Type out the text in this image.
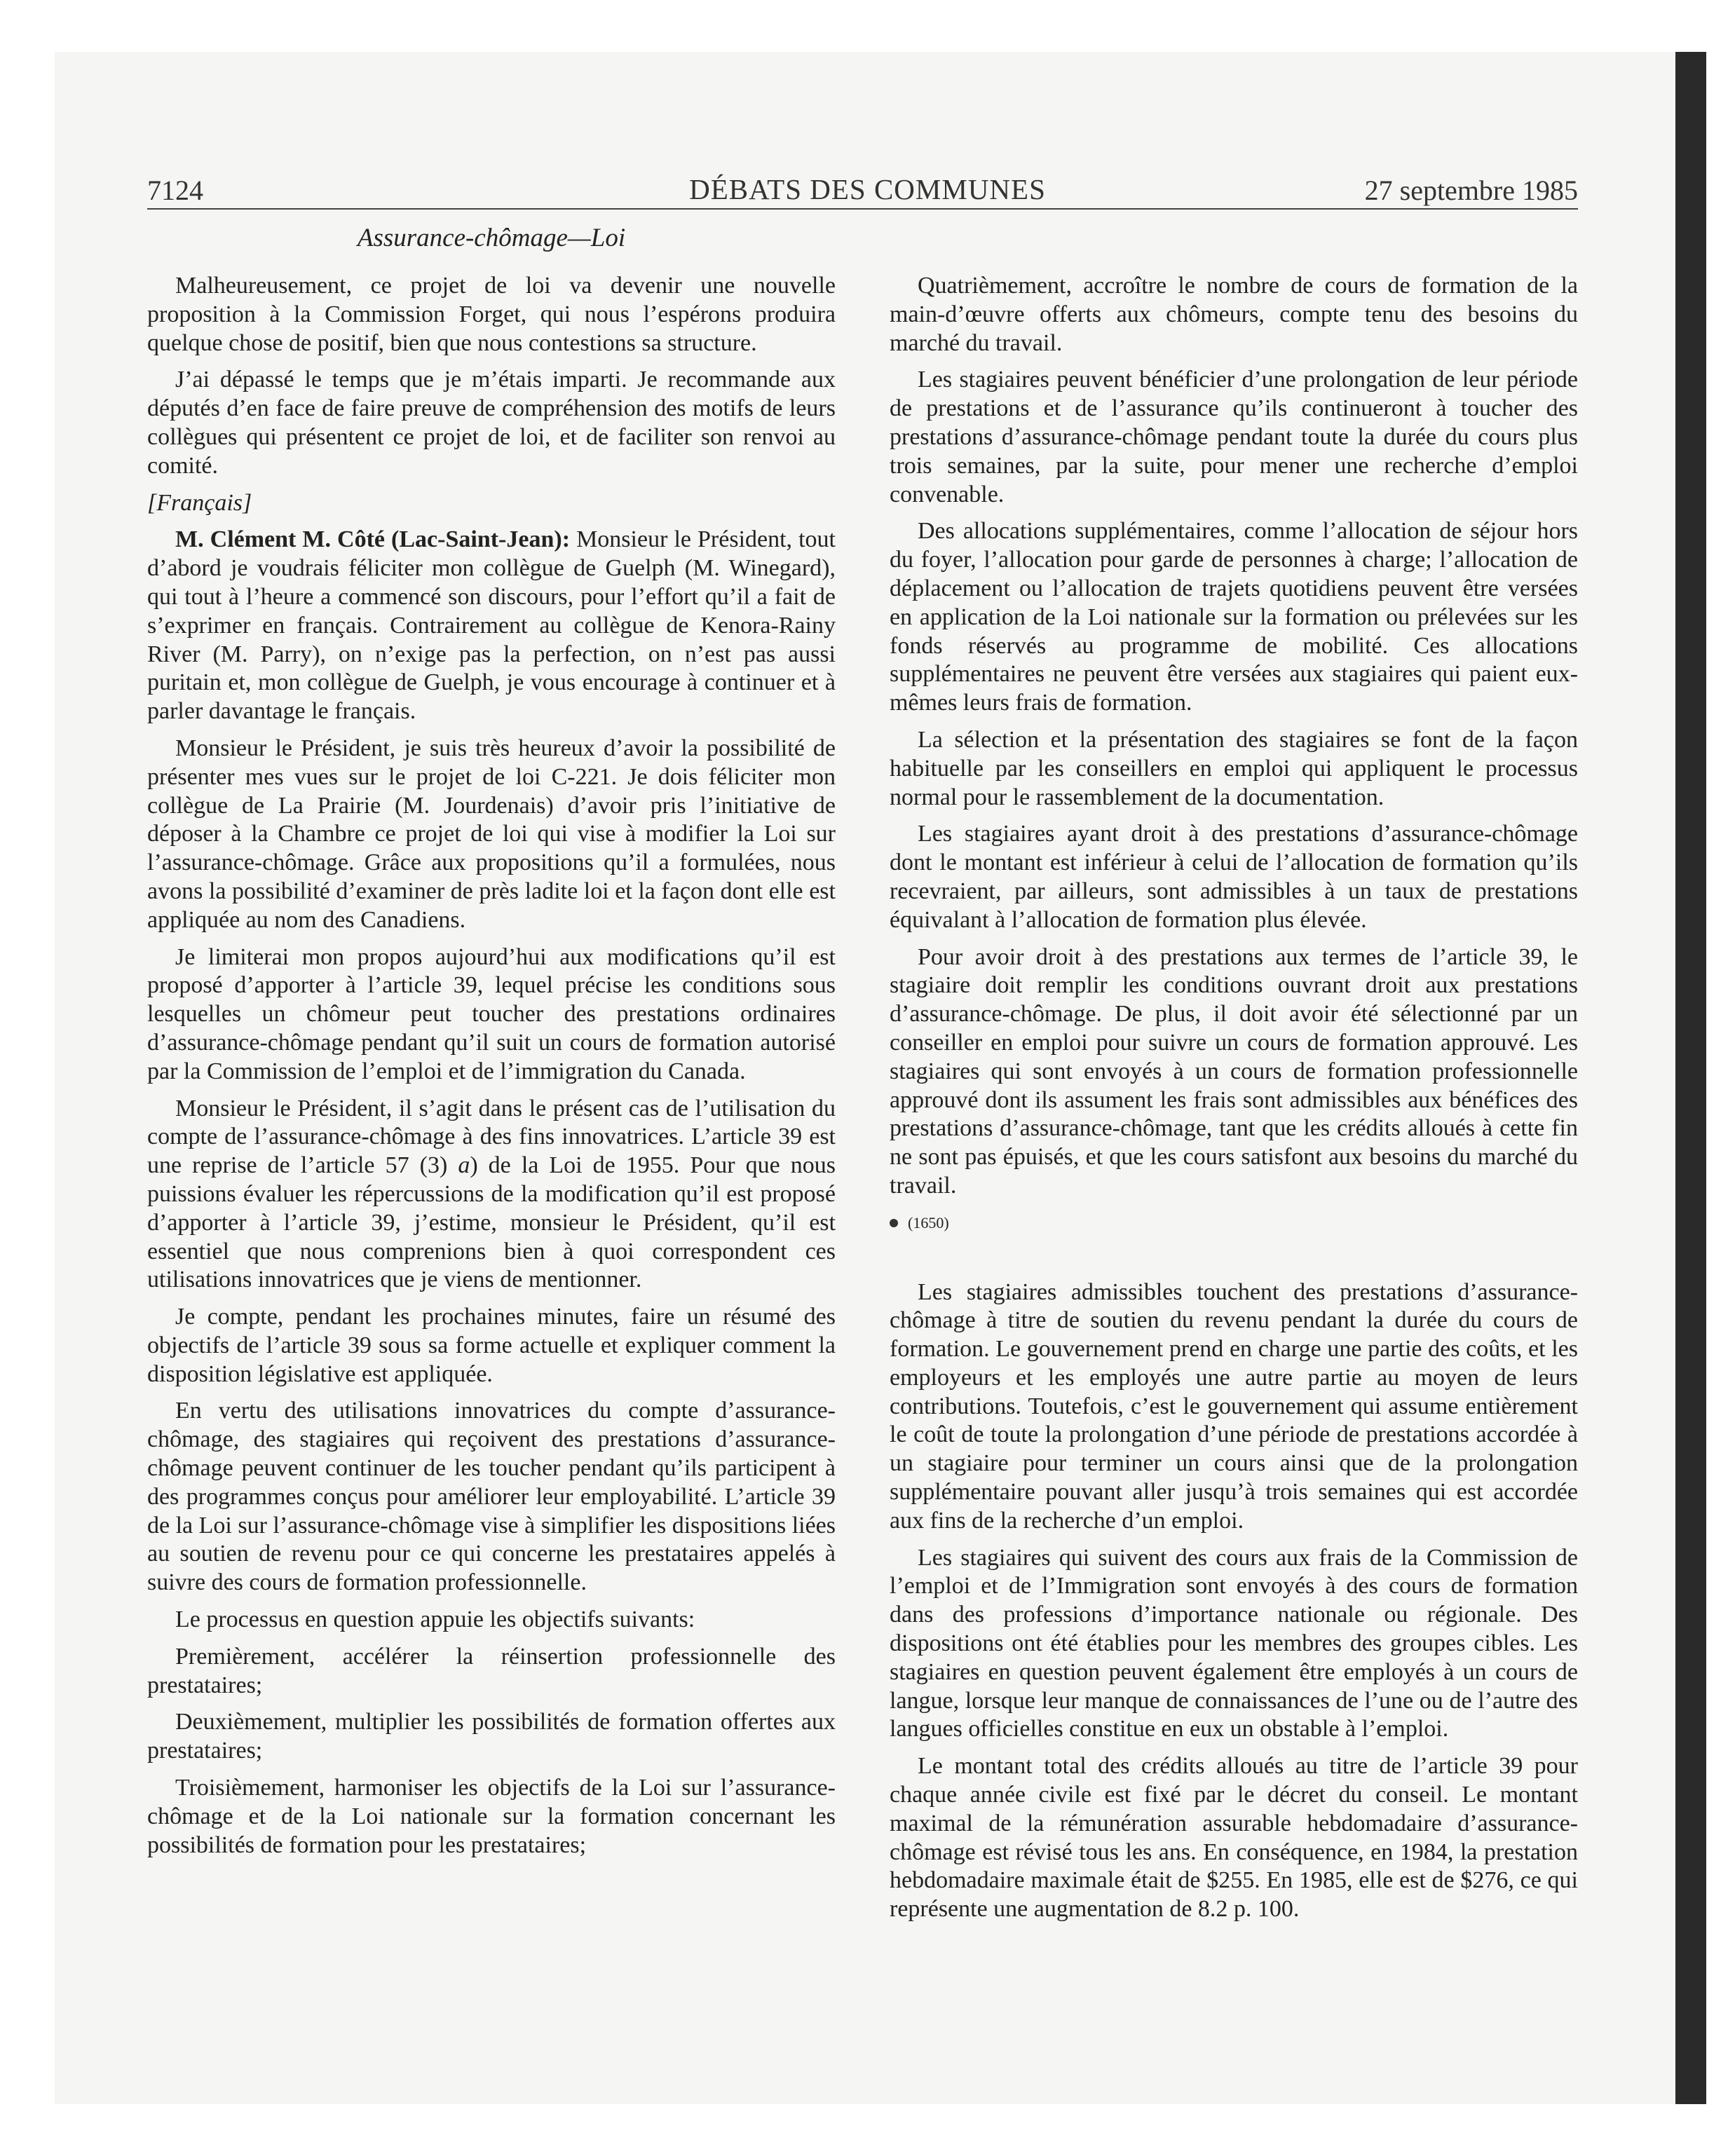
7124	DÉBATS DES COMMUNES	27 septembre 1985
Assurance-chômage—Loi

Malheureusement, ce projet de loi va devenir une nouvelle proposition à la Commission Forget, qui nous l’espérons produira quelque chose de positif, bien que nous contestions sa structure.

J’ai dépassé le temps que je m’étais imparti. Je recommande aux députés d’en face de faire preuve de compréhension des motifs de leurs collègues qui présentent ce projet de loi, et de faciliter son renvoi au comité.

[Français]

M. Clément M. Côté (Lac-Saint-Jean): Monsieur le Président, tout d’abord je voudrais féliciter mon collègue de Guelph (M. Winegard), qui tout à l’heure a commencé son discours, pour l’effort qu’il a fait de s’exprimer en français. Contrairement au collègue de Kenora-Rainy River (M. Parry), on n’exige pas la perfection, on n’est pas aussi puritain et, mon collègue de Guelph, je vous encourage à continuer et à parler davantage le français.

Monsieur le Président, je suis très heureux d’avoir la possibilité de présenter mes vues sur le projet de loi C-221. Je dois féliciter mon collègue de La Prairie (M. Jourdenais) d’avoir pris l’initiative de déposer à la Chambre ce projet de loi qui vise à modifier la Loi sur l’assurance-chômage. Grâce aux propositions qu’il a formulées, nous avons la possibilité d’examiner de près ladite loi et la façon dont elle est appliquée au nom des Canadiens.

Je limiterai mon propos aujourd’hui aux modifications qu’il est proposé d’apporter à l’article 39, lequel précise les conditions sous lesquelles un chômeur peut toucher des prestations ordinaires d’assurance-chômage pendant qu’il suit un cours de formation autorisé par la Commission de l’emploi et de l’immigration du Canada.

Monsieur le Président, il s’agit dans le présent cas de l’utilisation du compte de l’assurance-chômage à des fins innovatrices. L’article 39 est une reprise de l’article 57 (3) a) de la Loi de 1955. Pour que nous puissions évaluer les répercussions de la modification qu’il est proposé d’apporter à l’article 39, j’estime, monsieur le Président, qu’il est essentiel que nous comprenions bien à quoi correspondent ces utilisations innovatrices que je viens de mentionner.

Je compte, pendant les prochaines minutes, faire un résumé des objectifs de l’article 39 sous sa forme actuelle et expliquer comment la disposition législative est appliquée.

En vertu des utilisations innovatrices du compte d’assurance-chômage, des stagiaires qui reçoivent des prestations d’assurance-chômage peuvent continuer de les toucher pendant qu’ils participent à des programmes conçus pour améliorer leur employabilité. L’article 39 de la Loi sur l’assurance-chômage vise à simplifier les dispositions liées au soutien de revenu pour ce qui concerne les prestataires appelés à suivre des cours de formation professionnelle.

Le processus en question appuie les objectifs suivants:

Premièrement, accélérer la réinsertion professionnelle des prestataires;

Deuxièmement, multiplier les possibilités de formation offertes aux prestataires;

Troisièmement, harmoniser les objectifs de la Loi sur l’assurance-chômage et de la Loi nationale sur la formation concernant les possibilités de formation pour les prestataires;

Quatrièmement, accroître le nombre de cours de formation de la main-d’œuvre offerts aux chômeurs, compte tenu des besoins du marché du travail.

Les stagiaires peuvent bénéficier d’une prolongation de leur période de prestations et de l’assurance qu’ils continueront à toucher des prestations d’assurance-chômage pendant toute la durée du cours plus trois semaines, par la suite, pour mener une recherche d’emploi convenable.

Des allocations supplémentaires, comme l’allocation de séjour hors du foyer, l’allocation pour garde de personnes à charge; l’allocation de déplacement ou l’allocation de trajets quotidiens peuvent être versées en application de la Loi nationale sur la formation ou prélevées sur les fonds réservés au programme de mobilité. Ces allocations supplémentaires ne peuvent être versées aux stagiaires qui paient eux-mêmes leurs frais de formation.

La sélection et la présentation des stagiaires se font de la façon habituelle par les conseillers en emploi qui appliquent le processus normal pour le rassemblement de la documentation.

Les stagiaires ayant droit à des prestations d’assurance-chômage dont le montant est inférieur à celui de l’allocation de formation qu’ils recevraient, par ailleurs, sont admissibles à un taux de prestations équivalant à l’allocation de formation plus élevée.

Pour avoir droit à des prestations aux termes de l’article 39, le stagiaire doit remplir les conditions ouvrant droit aux prestations d’assurance-chômage. De plus, il doit avoir été sélectionné par un conseiller en emploi pour suivre un cours de formation approuvé. Les stagiaires qui sont envoyés à un cours de formation professionnelle approuvé dont ils assument les frais sont admissibles aux bénéfices des prestations d’assurance-chômage, tant que les crédits alloués à cette fin ne sont pas épuisés, et que les cours satisfont aux besoins du marché du travail.

(1650)

Les stagiaires admissibles touchent des prestations d’assurance-chômage à titre de soutien du revenu pendant la durée du cours de formation. Le gouvernement prend en charge une partie des coûts, et les employeurs et les employés une autre partie au moyen de leurs contributions. Toutefois, c’est le gouvernement qui assume entièrement le coût de toute la prolongation d’une période de prestations accordée à un stagiaire pour terminer un cours ainsi que de la prolongation supplémentaire pouvant aller jusqu’à trois semaines qui est accordée aux fins de la recherche d’un emploi.

Les stagiaires qui suivent des cours aux frais de la Commission de l’emploi et de l’Immigration sont envoyés à des cours de formation dans des professions d’importance nationale ou régionale. Des dispositions ont été établies pour les membres des groupes cibles. Les stagiaires en question peuvent également être employés à un cours de langue, lorsque leur manque de connaissances de l’une ou de l’autre des langues officielles constitue en eux un obstable à l’emploi.

Le montant total des crédits alloués au titre de l’article 39 pour chaque année civile est fixé par le décret du conseil. Le montant maximal de la rémunération assurable hebdomadaire d’assurance-chômage est révisé tous les ans. En conséquence, en 1984, la prestation hebdomadaire maximale était de $255. En 1985, elle est de $276, ce qui représente une augmentation de 8.2 p. 100.
